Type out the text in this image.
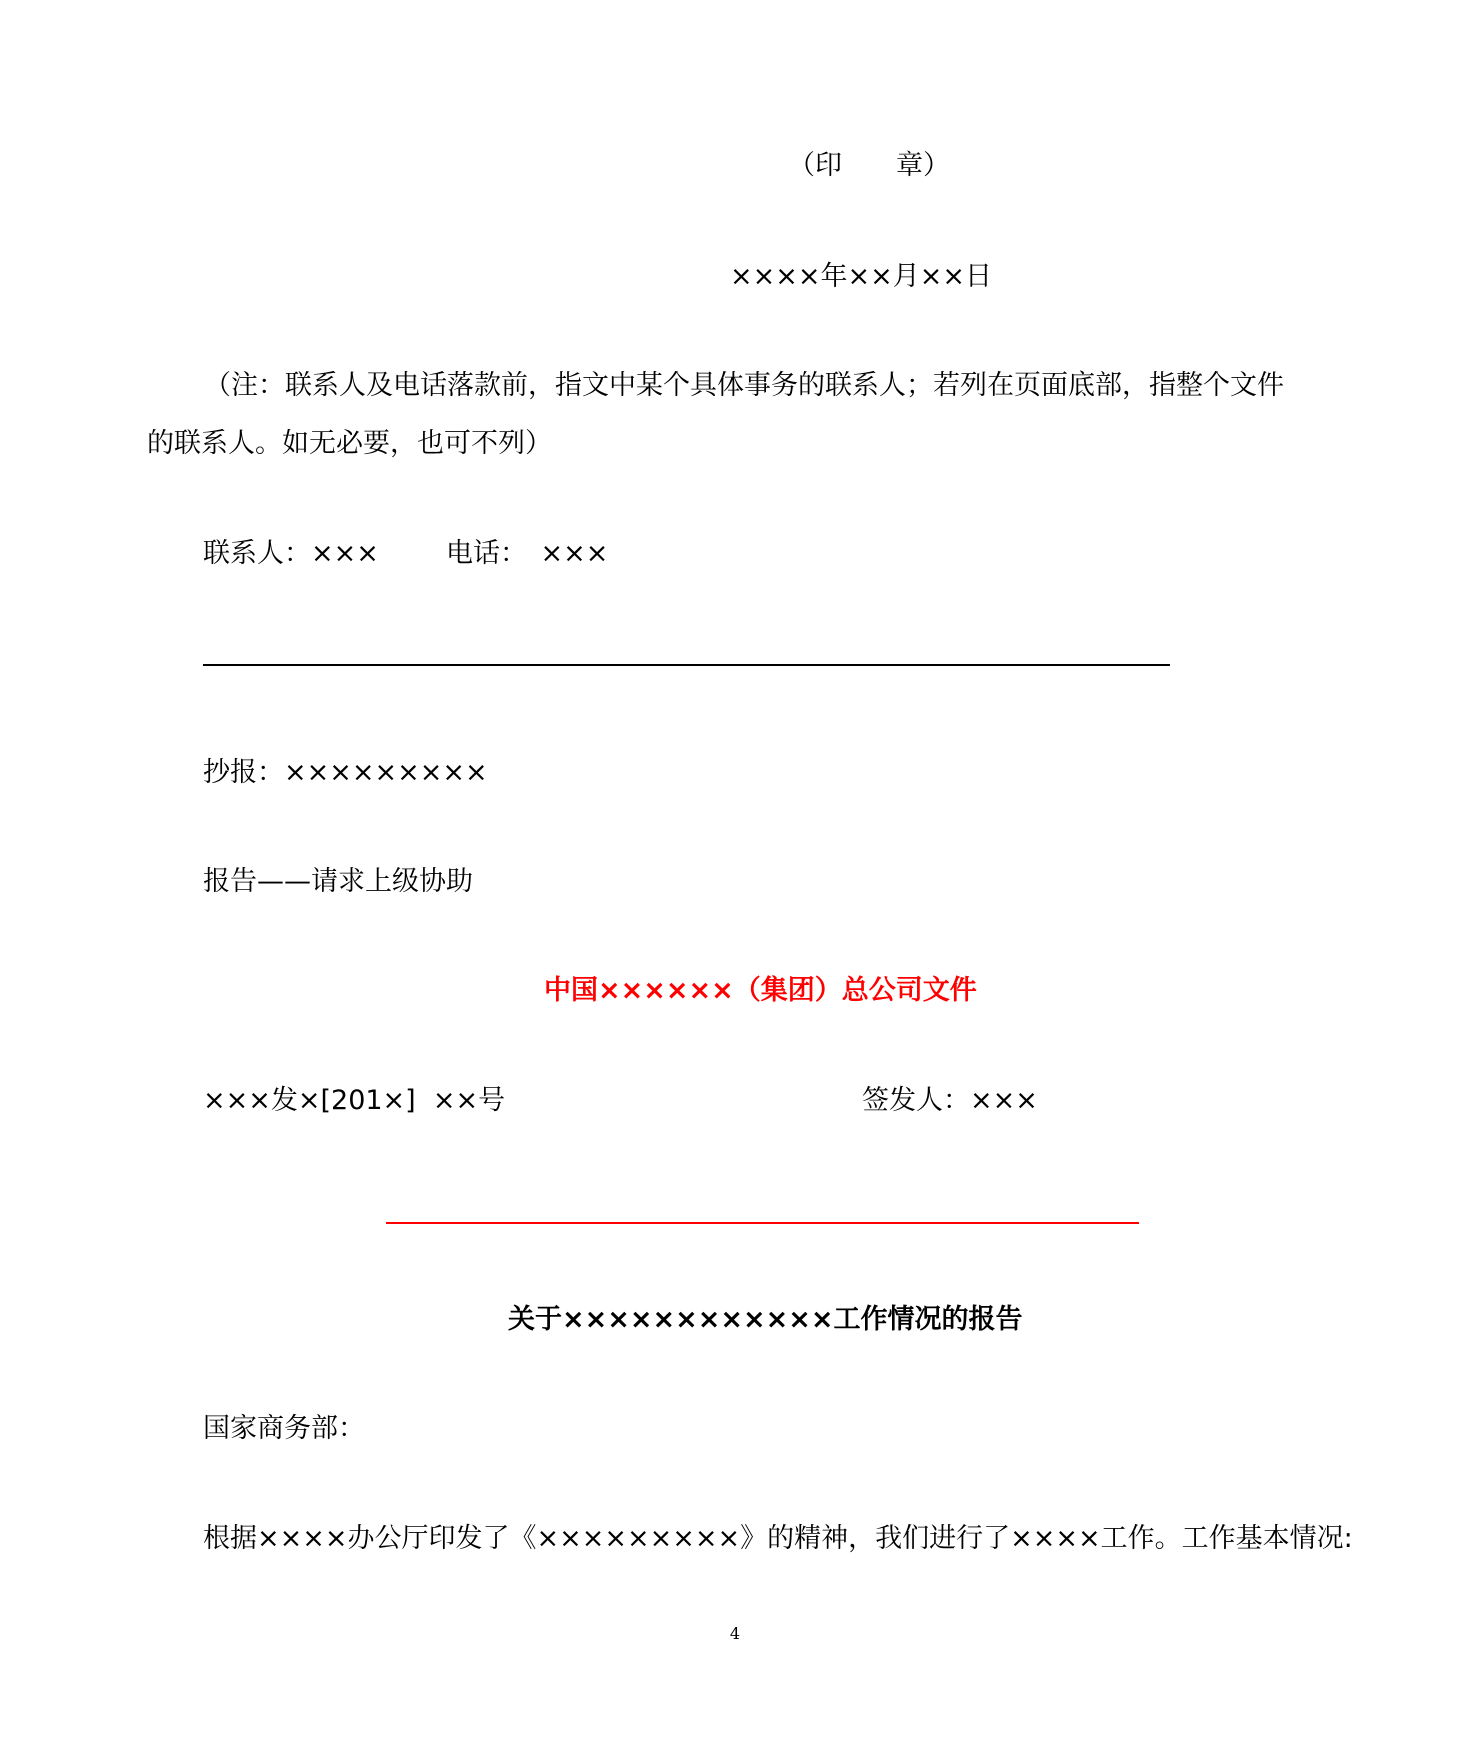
（印　　章）
××××年××月××日
（注：联系人及电话落款前，指文中某个具体事务的联系人；若列在页面底部，指整个文件
的联系人。如无必要，也可不列）
联系人：××× 电话：　×××
抄报：×××××××××
报告——请求上级协助
中国××××××（集团）总公司文件
×××发×[201×]  ××号	签发人：×××
关于××××××××××××工作情况的报告
国家商务部：
根据××××办公厅印发了《×××××××××》的精神，我们进行了××××工作。工作基本情况:
4
